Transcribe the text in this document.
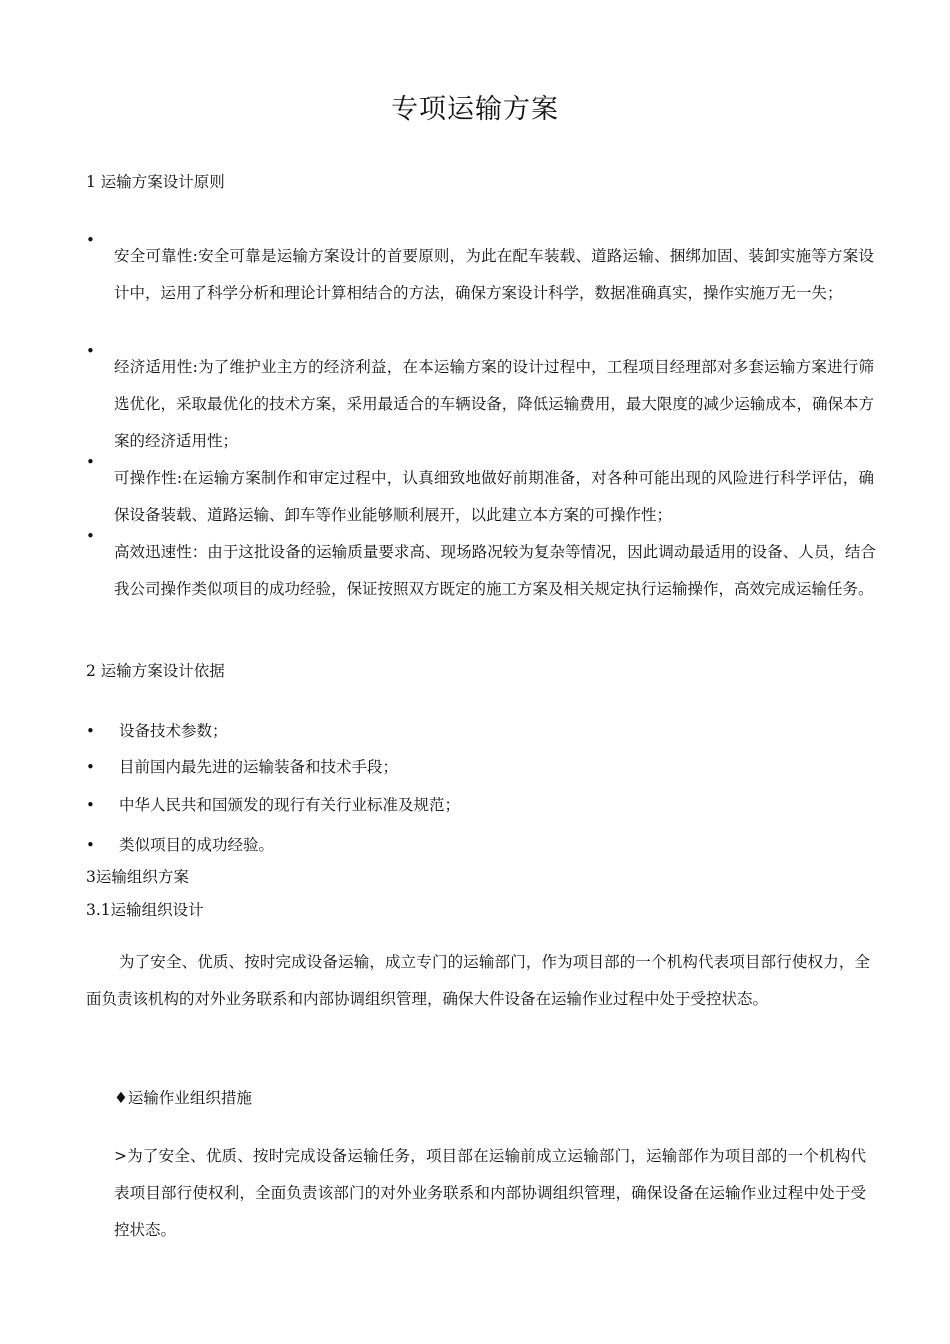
专项运输方案
1 运输方案设计原则
•

安全可靠性:安全可靠是运输方案设计的首要原则，为此在配车装载、道路运输、捆绑加固、装卸实施等方案设计中，运用了科学分析和理论计算相结合的方法，确保方案设计科学，数据准确真实，操作实施万无一失；

•

经济适用性:为了维护业主方的经济利益，在本运输方案的设计过程中，工程项目经理部对多套运输方案进行筛选优化，采取最优化的技术方案，采用最适合的车辆设备，降低运输费用，最大限度的减少运输成本，确保本方案的经济适用性；

•

可操作性:在运输方案制作和审定过程中，认真细致地做好前期准备，对各种可能出现的风险进行科学评估，确保设备装载、道路运输、卸车等作业能够顺利展开，以此建立本方案的可操作性；

•

高效迅速性：由于这批设备的运输质量要求高、现场路况较为复杂等情况，因此调动最适用的设备、人员，结合我公司操作类似项目的成功经验，保证按照双方既定的施工方案及相关规定执行运输操作，高效完成运输任务。

2 运输方案设计依据
• 设备技术参数；
• 目前国内最先进的运输装备和技术手段；
• 中华人民共和国颁发的现行有关行业标准及规范；
• 类似项目的成功经验。
3运输组织方案
3.1运输组织设计

为了安全、优质、按时完成设备运输，成立专门的运输部门，作为项目部的一个机构代表项目部行使权力，全面负责该机构的对外业务联系和内部协调组织管理，确保大件设备在运输作业过程中处于受控状态。

♦运输作业组织措施

>为了安全、优质、按时完成设备运输任务，项目部在运输前成立运输部门，运输部作为项目部的一个机构代表项目部行使权利，全面负责该部门的对外业务联系和内部协调组织管理，确保设备在运输作业过程中处于受控状态。
